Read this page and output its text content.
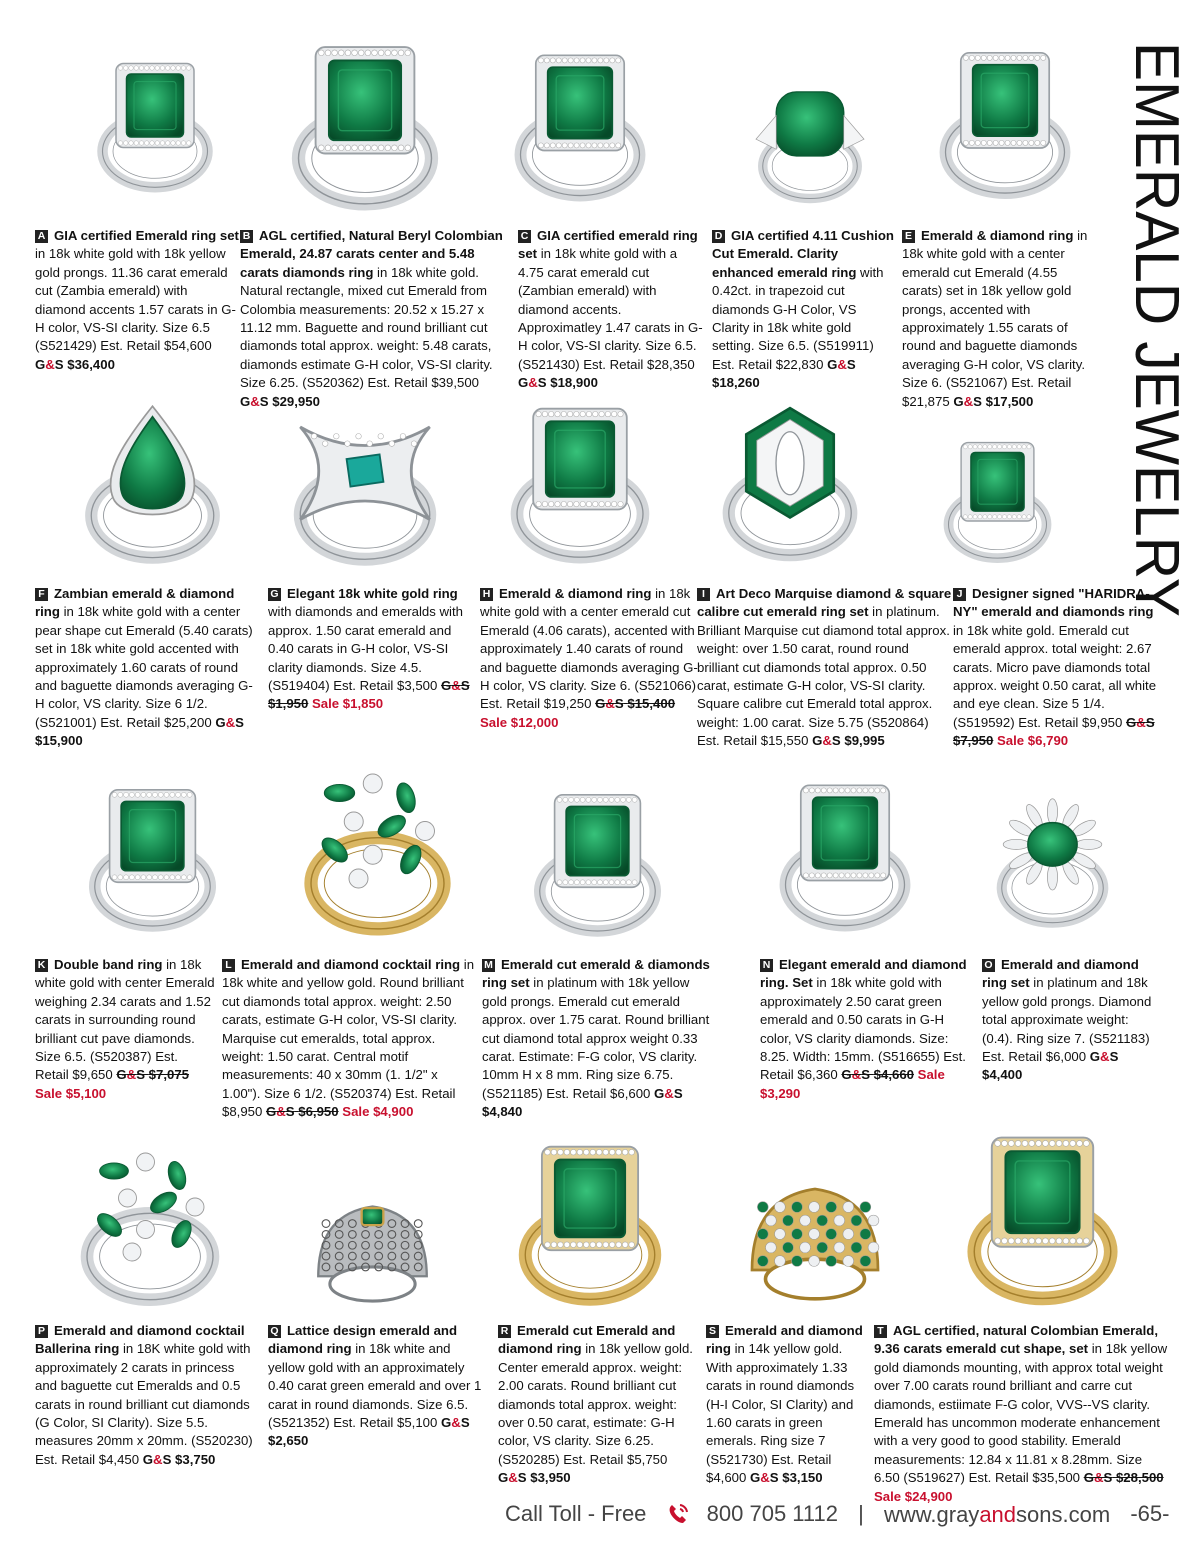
EMERALD JEWELRY
A GIA certified Emerald ring set in 18k white gold with 18k yellow gold prongs. 11.36 carat emerald cut (Zambia emerald) with diamond accents 1.57 carats in G-H color, VS-SI clarity. Size 6.5 (S521429) Est. Retail $54,600 G&S $36,400
B AGL certified, Natural Beryl Colombian Emerald, 24.87 carats center and 5.48 carats diamonds ring in 18k white gold. Natural rectangle, mixed cut Emerald from Colombia measurements: 20.52 x 15.27 x 11.12 mm. Baguette and round brilliant cut diamonds total approx. weight: 5.48 carats, diamonds estimate G-H color, VS-SI clarity. Size 6.25. (S520362) Est. Retail $39,500 G&S $29,950
C GIA certified emerald ring set in 18k white gold with a 4.75 carat emerald cut (Zambian emerald) with diamond accents. Approximatley 1.47 carats in G-H color, VS-SI clarity. Size 6.5. (S521430) Est. Retail $28,350 G&S $18,900
D GIA certified 4.11 Cushion Cut Emerald. Clarity enhanced emerald ring with 0.42ct. in trapezoid cut diamonds G-H Color, VS Clarity in 18k white gold setting. Size 6.5. (S519911) Est. Retail $22,830 G&S $18,260
E Emerald & diamond ring in 18k white gold with a center emerald cut Emerald (4.55 carats) set in 18k yellow gold prongs, accented with approximately 1.55 carats of round and baguette diamonds averaging G-H color, VS clarity. Size 6. (S521067) Est. Retail $21,875 G&S $17,500
F Zambian emerald & diamond ring in 18k white gold with a center pear shape cut Emerald (5.40 carats) set in 18k white gold accented with approximately 1.60 carats of round and baguette diamonds averaging G-H color, VS clarity. Size 6 1/2. (S521001) Est. Retail $25,200 G&S $15,900
G Elegant 18k white gold ring with diamonds and emeralds with approx. 1.50 carat emerald and 0.40 carats in G-H color, VS-SI clarity diamonds. Size 4.5. (S519404) Est. Retail $3,500 G&S $1,950 Sale $1,850
H Emerald & diamond ring in 18k white gold with a center emerald cut Emerald (4.06 carats), accented with approximately 1.40 carats of round and baguette diamonds averaging G-H color, VS clarity. Size 6. (S521066) Est. Retail $19,250 G&S $15,400 Sale $12,000
I Art Deco Marquise diamond & square calibre cut emerald ring set in platinum. Brilliant Marquise cut diamond total approx. weight: over 1.50 carat, round round brilliant cut diamonds total approx. 0.50 carat, estimate G-H color, VS-SI clarity. Square calibre cut Emerald total approx. weight: 1.00 carat. Size 5.75 (S520864) Est. Retail $15,550 G&S $9,995
J Designer signed "HARIDRA- NY" emerald and diamonds ring in 18k white gold. Emerald cut emerald approx. total weight: 2.67 carats. Micro pave diamonds total approx. weight 0.50 carat, all white and eye clean. Size 5 1/4. (S519592) Est. Retail $9,950 G&S $7,950 Sale $6,790
K Double band ring in 18k white gold with center Emerald weighing 2.34 carats and 1.52 carats in surrounding round brilliant cut pave diamonds. Size 6.5. (S520387) Est. Retail $9,650 G&S $7,075 Sale $5,100
L Emerald and diamond cocktail ring in 18k white and yellow gold. Round brilliant cut diamonds total approx. weight: 2.50 carats, estimate G-H color, VS-SI clarity. Marquise cut emeralds, total approx. weight: 1.50 carat. Central motif measurements: 40 x 30mm (1. 1/2" x 1.00"). Size 6 1/2. (S520374) Est. Retail $8,950 G&S $6,950 Sale $4,900
M Emerald cut emerald & diamonds ring set in platinum with 18k yellow gold prongs. Emerald cut emerald approx. over 1.75 carat. Round brilliant cut diamond total approx weight 0.33 carat. Estimate: F-G color, VS clarity. 10mm H x 8 mm. Ring size 6.75. (S521185) Est. Retail $6,600 G&S $4,840
N Elegant emerald and diamond ring. Set in 18k white gold with approximately 2.50 carat green emerald and 0.50 carats in G-H color, VS clarity diamonds. Size: 8.25. Width: 15mm. (S516655) Est. Retail $6,360 G&S $4,660 Sale $3,290
O Emerald and diamond ring set in platinum and 18k yellow gold prongs. Diamond total approximate weight: (0.4). Ring size 7. (S521183) Est. Retail $6,000 G&S $4,400
P Emerald and diamond cocktail Ballerina ring in 18K white gold with approximately 2 carats in princess and baguette cut Emeralds and 0.5 carats in round brilliant cut diamonds (G Color, SI Clarity). Size 5.5. measures 20mm x 20mm. (S520230) Est. Retail $4,450 G&S $3,750
Q Lattice design emerald and diamond ring in 18k white and yellow gold with an approximately 0.40 carat green emerald and over 1 carat in round diamonds. Size 6.5. (S521352) Est. Retail $5,100 G&S $2,650
R Emerald cut Emerald and diamond ring in 18k yellow gold. Center emerald approx. weight: 2.00 carats. Round brilliant cut diamonds total approx. weight: over 0.50 carat, estimate: G-H color, VS clarity. Size 6.25. (S520285) Est. Retail $5,750 G&S $3,950
S Emerald and diamond ring in 14k yellow gold. With approximately 1.33 carats in round diamonds (H-I Color, SI Clarity) and 1.60 carats in green emerals. Ring size 7 (S521730) Est. Retail $4,600 G&S $3,150
T AGL certified, natural Colombian Emerald, 9.36 carats emerald cut shape, set in 18k yellow gold diamonds mounting, with approx total weight over 7.00 carats round brilliant and carre cut diamonds, estiimate F-G color, VVS--VS clarity. Emerald has uncommon moderate enhancement with a very good to good stability. Emerald measurements: 12.84 x 11.81 x 8.28mm. Size 6.50 (S519627) Est. Retail $35,500 G&S $28,500 Sale $24,900
Call Toll - Free	800 705 1112 | www.grayandsons.com -65-
